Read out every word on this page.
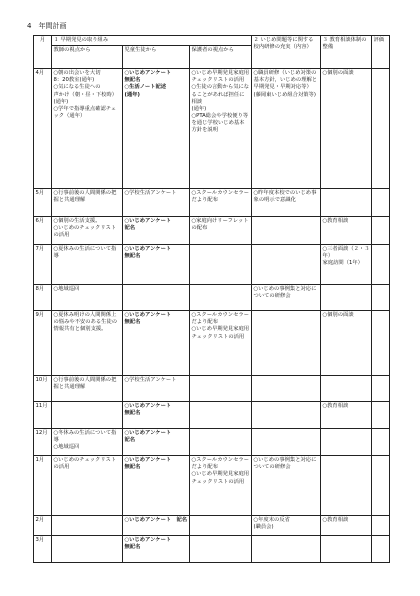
4　年間計画
月	１ 早期発見の取り組み			２ いじめ問題等に関する校内研修の充実（内容）	３ 教育相談体制の整備	評価
	教師の視点から	児童生徒から	保護者の視点から			
4月	○朝の出会いを大切
8：20教室(通年)
○気になる生徒への
声かけ（朝・昼・下校時）(通年)
○学年で指導重点確認チェック（通年）	○いじめアンケート
無記名
○生活ノート記述
(通年)	○いじめ早期発見家庭用チェックリストの活用
○生徒の言動から気になることがあれば担任に相談
(通年)
○PTA総会や学校便り等を通じ学校いじめ基本方針を説明	○職員研修（いじめ対策の基本方針，いじめの理解と早期発見・早期対応等）
(藤岡東いじめ組合対策等)	○個別の面談	
5月	○行事前後の人間関係の把握と共通理解	○学校生活アンケート	○スクールカウンセラーだより配布	○昨年度本校でのいじめ事象の明示で意識化		
6月	○個別の生活支援。
○いじめのチェックリストの活用	○いじめアンケート
記名	○家庭向けリーフレットの配布		○教育相談	
7月	○夏休みの生活について指導	○いじめアンケート
無記名			○三者面談（２・３年）
家庭訪問（1年）	
8月	○地域巡回			○いじめの事例集と対応についての研修会		
9月	○夏休み明けの人間関係上の悩みや不安のある生徒の情報共有と個別支援。	○いじめアンケート
無記名	○スクールカウンセラーだより配布
○いじめ早期発見家庭用チェックリストの活用		○個別の面談	
10月	○行事前後の人間関係の把握と共通理解	○学校生活アンケート				
11月		○いじめアンケート
無記名			○教育相談	
12月	○冬休みの生活について指導
○地域巡回	○いじめアンケート
記名				
1月	○いじめのチェックリストの活用	○いじめアンケート
無記名	○スクールカウンセラーだより配布
○いじめ早期発見家庭用チェックリストの活用	○いじめの事例集と対応についての研修会		
2月		○いじめアンケート　記名		○年度末の反省
(職員会)	○教育相談	
3月		○いじめアンケート
無記名				
